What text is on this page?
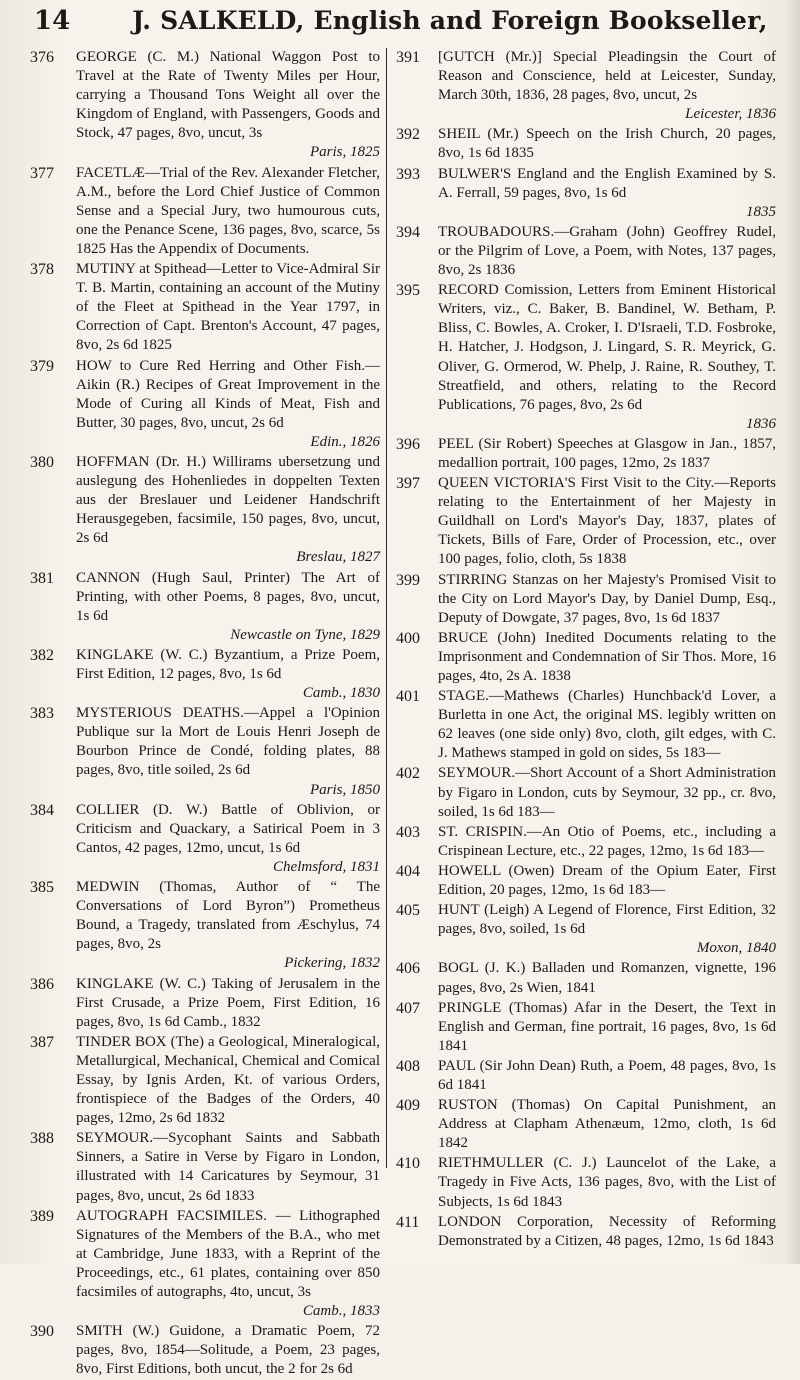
14 J. SALKELD, English and Foreign Bookseller,
376	GEORGE (C. M.) National Waggon Post to Travel at the Rate of Twenty Miles per Hour, carrying a Thousand Tons Weight all over the Kingdom of England, with Passengers, Goods and Stock, 47 pages, 8vo, uncut, 3s
Paris, 1825
377	FACETLÆ—Trial of the Rev. Alexander Fletcher, A.M., before the Lord Chief Justice of Common Sense and a Special Jury, two humourous cuts, one the Penance Scene, 136 pages, 8vo, scarce, 5s 1825 Has the Appendix of Documents.
378	MUTINY at Spithead—Letter to Vice-Admiral Sir T. B. Martin, containing an account of the Mutiny of the Fleet at Spithead in the Year 1797, in Correction of Capt. Brenton's Account, 47 pages, 8vo, 2s 6d 1825
379	HOW to Cure Red Herring and Other Fish.—Aikin (R.) Recipes of Great Improvement in the Mode of Curing all Kinds of Meat, Fish and Butter, 30 pages, 8vo, uncut, 2s 6d
Edin., 1826
380	HOFFMAN (Dr. H.) Willirams ubersetzung und auslegung des Hohenliedes in doppelten Texten aus der Breslauer und Leidener Handschrift Herausgegeben, facsimile, 150 pages, 8vo, uncut, 2s 6d
Breslau, 1827
381	CANNON (Hugh Saul, Printer) The Art of Printing, with other Poems, 8 pages, 8vo, uncut, 1s 6d
Newcastle on Tyne, 1829
382	KINGLAKE (W. C.) Byzantium, a Prize Poem, First Edition, 12 pages, 8vo, 1s 6d
Camb., 1830
383	MYSTERIOUS DEATHS.—Appel a l'Opinion Publique sur la Mort de Louis Henri Joseph de Bourbon Prince de Condé, folding plates, 88 pages, 8vo, title soiled, 2s 6d
Paris, 1850
384	COLLIER (D. W.) Battle of Oblivion, or Criticism and Quackary, a Satirical Poem in 3 Cantos, 42 pages, 12mo, uncut, 1s 6d
Chelmsford, 1831
385	MEDWIN (Thomas, Author of “ The Conversations of Lord Byron”) Prometheus Bound, a Tragedy, translated from Æschylus, 74 pages, 8vo, 2s
Pickering, 1832
386	KINGLAKE (W. C.) Taking of Jerusalem in the First Crusade, a Prize Poem, First Edition, 16 pages, 8vo, 1s 6d Camb., 1832
387	TINDER BOX (The) a Geological, Mineralogical, Metallurgical, Mechanical, Chemical and Comical Essay, by Ignis Arden, Kt. of various Orders, frontispiece of the Badges of the Orders, 40 pages, 12mo, 2s 6d 1832
388	SEYMOUR.—Sycophant Saints and Sabbath Sinners, a Satire in Verse by Figaro in London, illustrated with 14 Caricatures by Seymour, 31 pages, 8vo, uncut, 2s 6d 1833
389	AUTOGRAPH FACSIMILES. — Lithographed Signatures of the Members of the B.A., who met at Cambridge, June 1833, with a Reprint of the Proceedings, etc., 61 plates, containing over 850 facsimiles of autographs, 4to, uncut, 3s
Camb., 1833
390	SMITH (W.) Guidone, a Dramatic Poem, 72 pages, 8vo, 1854—Solitude, a Poem, 23 pages, 8vo, First Editions, both uncut, the 2 for 2s 6d
391	[GUTCH (Mr.)] Special Pleadingsin the Court of Reason and Conscience, held at Leicester, Sunday, March 30th, 1836, 28 pages, 8vo, uncut, 2s
Leicester, 1836
392	SHEIL (Mr.) Speech on the Irish Church, 20 pages, 8vo, 1s 6d 1835
393	BULWER'S England and the English Examined by S. A. Ferrall, 59 pages, 8vo, 1s 6d
1835
394	TROUBADOURS.—Graham (John) Geoffrey Rudel, or the Pilgrim of Love, a Poem, with Notes, 137 pages, 8vo, 2s 1836
395	RECORD Comission, Letters from Eminent Historical Writers, viz., C. Baker, B. Bandinel, W. Betham, P. Bliss, C. Bowles, A. Croker, I. D'Israeli, T.D. Fosbroke, H. Hatcher, J. Hodgson, J. Lingard, S. R. Meyrick, G. Oliver, G. Ormerod, W. Phelp, J. Raine, R. Southey, T. Streatfield, and others, relating to the Record Publications, 76 pages, 8vo, 2s 6d
1836
396	PEEL (Sir Robert) Speeches at Glasgow in Jan., 1857, medallion portrait, 100 pages, 12mo, 2s 1837
397	QUEEN VICTORIA'S First Visit to the City.—Reports relating to the Entertainment of her Majesty in Guildhall on Lord's Mayor's Day, 1837, plates of Tickets, Bills of Fare, Order of Procession, etc., over 100 pages, folio, cloth, 5s 1838
399	STIRRING Stanzas on her Majesty's Promised Visit to the City on Lord Mayor's Day, by Daniel Dump, Esq., Deputy of Dowgate, 37 pages, 8vo, 1s 6d 1837
400	BRUCE (John) Inedited Documents relating to the Imprisonment and Condemnation of Sir Thos. More, 16 pages, 4to, 2s A. 1838
401	STAGE.—Mathews (Charles) Hunchback'd Lover, a Burletta in one Act, the original MS. legibly written on 62 leaves (one side only) 8vo, cloth, gilt edges, with C. J. Mathews stamped in gold on sides, 5s 183—
402	SEYMOUR.—Short Account of a Short Administration by Figaro in London, cuts by Seymour, 32 pp., cr. 8vo, soiled, 1s 6d 183—
403	ST. CRISPIN.—An Otio of Poems, etc., including a Crispinean Lecture, etc., 22 pages, 12mo, 1s 6d 183—
404	HOWELL (Owen) Dream of the Opium Eater, First Edition, 20 pages, 12mo, 1s 6d 183—
405	HUNT (Leigh) A Legend of Florence, First Edition, 32 pages, 8vo, soiled, 1s 6d
Moxon, 1840
406	BOGL (J. K.) Balladen und Romanzen, vignette, 196 pages, 8vo, 2s Wien, 1841
407	PRINGLE (Thomas) Afar in the Desert, the Text in English and German, fine portrait, 16 pages, 8vo, 1s 6d 1841
408	PAUL (Sir John Dean) Ruth, a Poem, 48 pages, 8vo, 1s 6d 1841
409	RUSTON (Thomas) On Capital Punishment, an Address at Clapham Athenæum, 12mo, cloth, 1s 6d 1842
410	RIETHMULLER (C. J.) Launcelot of the Lake, a Tragedy in Five Acts, 136 pages, 8vo, with the List of Subjects, 1s 6d 1843
411	LONDON Corporation, Necessity of Reforming Demonstrated by a Citizen, 48 pages, 12mo, 1s 6d 1843
